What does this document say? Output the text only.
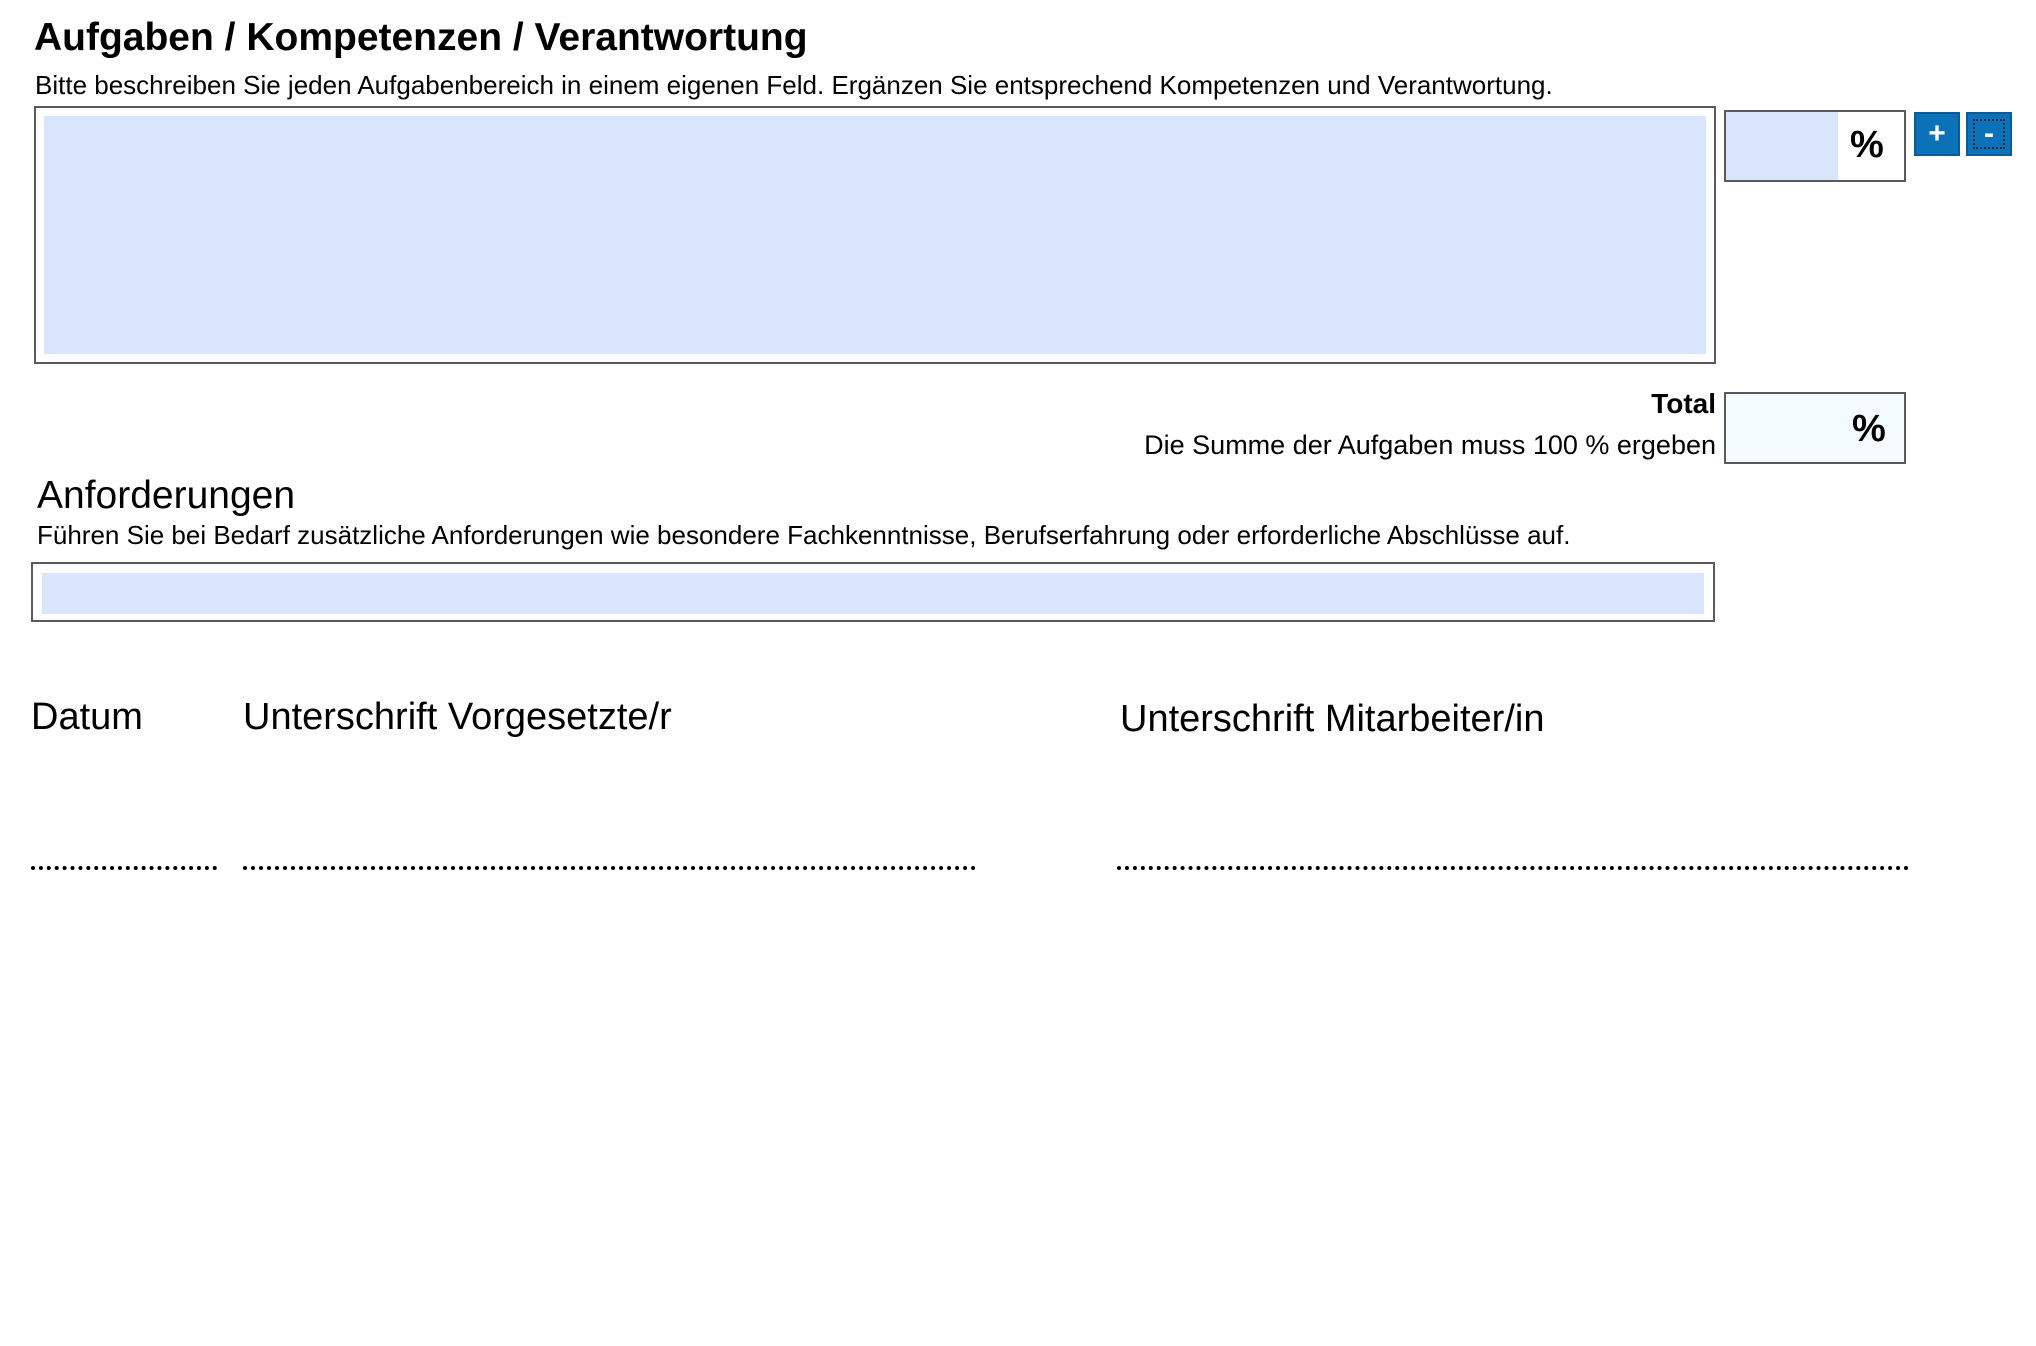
Aufgaben / Kompetenzen / Verantwortung
Bitte beschreiben Sie jeden Aufgabenbereich in einem eigenen Feld. Ergänzen Sie entsprechend Kompetenzen und Verantwortung.
%	+	-
Total
Die Summe der Aufgaben muss 100 % ergeben	%
Anforderungen
Führen Sie bei Bedarf zusätzliche Anforderungen wie besondere Fachkenntnisse, Berufserfahrung oder erforderliche Abschlüsse auf.
Datum	Unterschrift Vorgesetzte/r	Unterschrift Mitarbeiter/in
